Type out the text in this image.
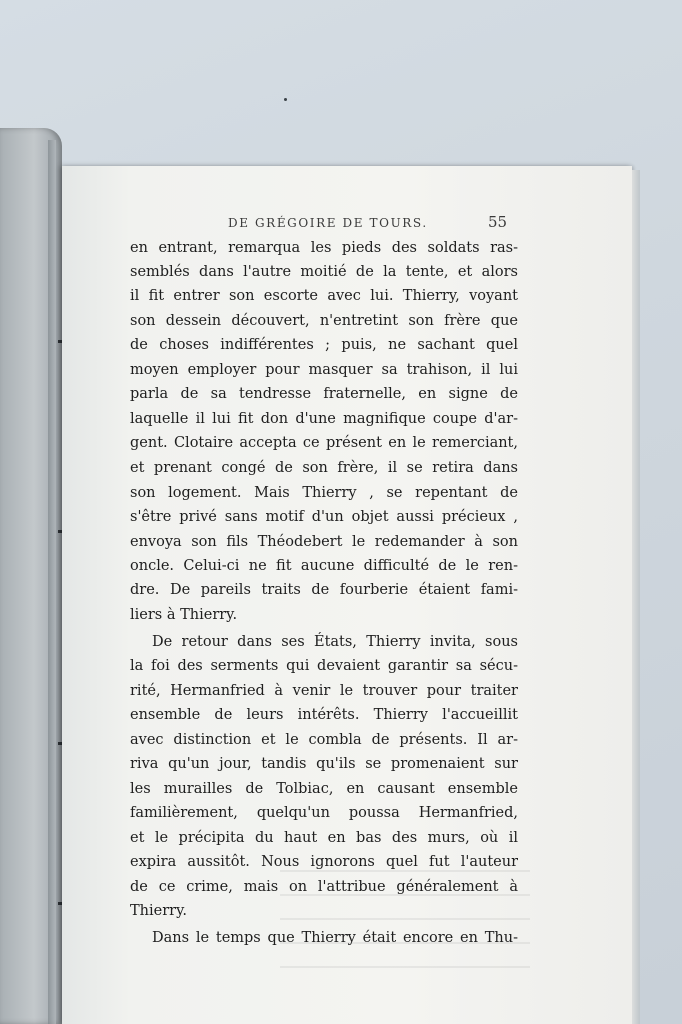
DE GRÉGOIRE DE TOURS.	55
en entrant, remarqua les pieds des soldats ras-
semblés dans l'autre moitié de la tente, et alors
il fit entrer son escorte avec lui. Thierry, voyant
son dessein découvert, n'entretint son frère que
de choses indifférentes ; puis, ne sachant quel
moyen employer pour masquer sa trahison, il lui
parla de sa tendresse fraternelle, en signe de
laquelle il lui fit don d'une magnifique coupe d'ar-
gent. Clotaire accepta ce présent en le remerciant,
et prenant congé de son frère, il se retira dans
son logement. Mais Thierry , se repentant de
s'être privé sans motif d'un objet aussi précieux ,
envoya son fils Théodebert le redemander à son
oncle. Celui-ci ne fit aucune difficulté de le ren-
dre. De pareils traits de fourberie étaient fami-
liers à Thierry.
De retour dans ses États, Thierry invita, sous
la foi des serments qui devaient garantir sa sécu-
rité, Hermanfried à venir le trouver pour traiter
ensemble de leurs intérêts. Thierry l'accueillit
avec distinction et le combla de présents. Il ar-
riva qu'un jour, tandis qu'ils se promenaient sur
les murailles de Tolbiac, en causant ensemble
familièrement, quelqu'un poussa Hermanfried,
et le précipita du haut en bas des murs, où il
expira aussitôt. Nous ignorons quel fut l'auteur
de ce crime, mais on l'attribue généralement à
Thierry.
Dans le temps que Thierry était encore en Thu-
